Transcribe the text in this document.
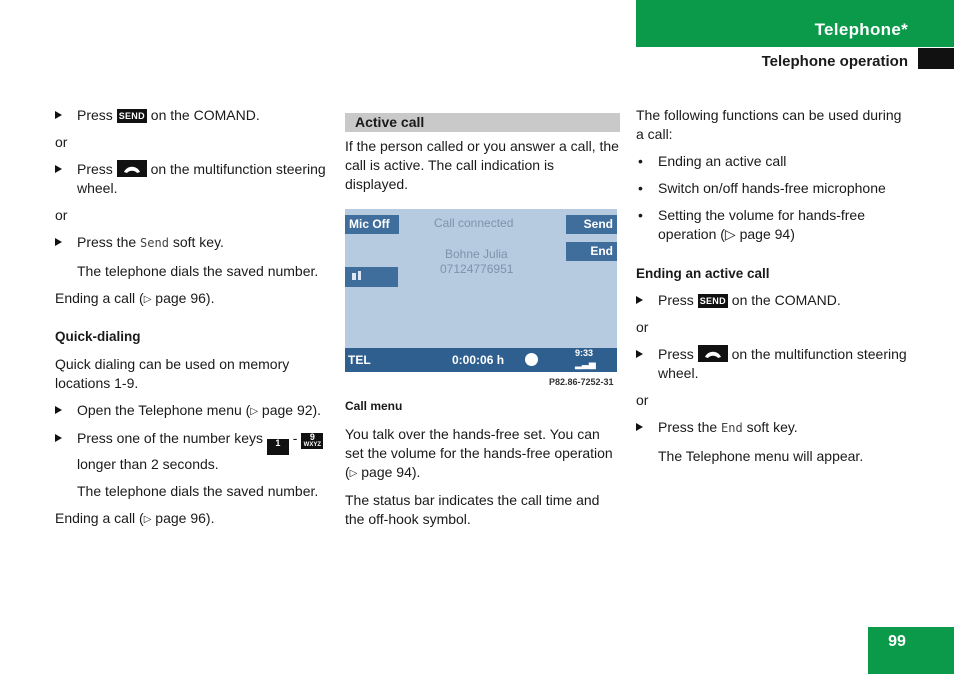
Telephone*
Telephone operation

Press SEND on the COMAND.

or

Press	on the multifunction steering wheel.

or

Press the Send soft key.

The telephone dials the saved number.

Ending a call (▷ page 96).

Quick-dialing

Quick dialing can be used on memory locations 1-9.

Open the Telephone menu (▷ page 92).

Press one of the number keys 1 - 9
WXYZ
longer than 2 seconds.

The telephone dials the saved number.

Ending a call (▷ page 96).

Active call

If the person called or you answer a call, the call is active. The call indication is displayed.

Mic Off	Call connected	Send
End
Bohne Julia
07124776951
TEL	0:00:06 h	9:33
▂▃▅
P82.86-7252-31

Call menu

You talk over the hands-free set. You can set the volume for the hands-free operation (▷ page 94).

The status bar indicates the call time and the off-hook symbol.

The following functions can be used during a call:

• Ending an active call

• Switch on/off hands-free microphone

• Setting the volume for hands-free operation (▷ page 94)

Ending an active call

Press SEND on the COMAND.

or

Press	on the multifunction steering wheel.

or

Press the End soft key.

The Telephone menu will appear.

99
